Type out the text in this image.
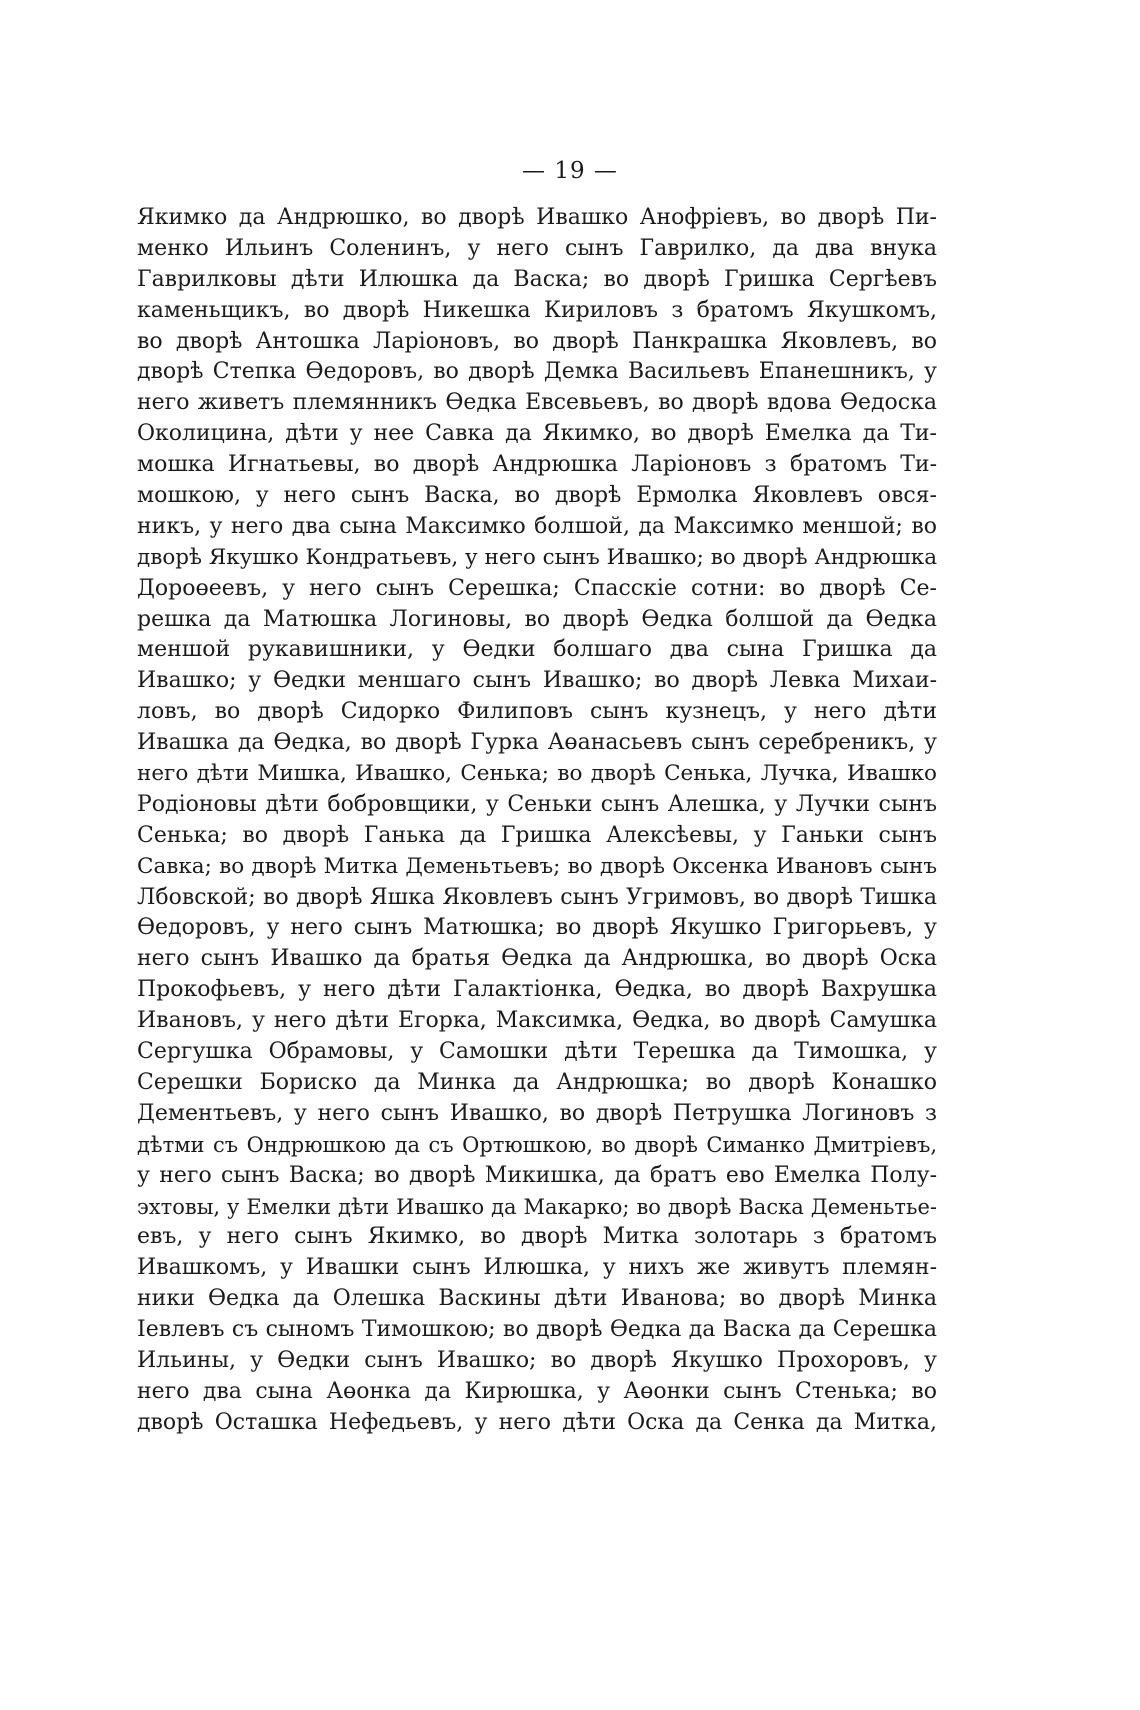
— 19 —
Якимко да Андрюшко, во дворѣ Ивашко Анофріевъ, во дворѣ Пи-
менко Ильинъ Соленинъ, у него сынъ Гаврилко, да два внука
Гаврилковы дѣти Илюшка да Васка; во дворѣ Гришка Сергѣевъ
каменьщикъ, во дворѣ Никешка Кириловъ з братомъ Якушкомъ,
во дворѣ Антошка Ларіоновъ, во дворѣ Панкрашка Яковлевъ, во
дворѣ Степка Өедоровъ, во дворѣ Демка Васильевъ Епанешникъ, у
него живетъ племянникъ Өедка Евсевьевъ, во дворѣ вдова Өедоска
Околицина, дѣти у нее Савка да Якимко, во дворѣ Емелка да Ти-
мошка Игнатьевы, во дворѣ Андрюшка Ларіоновъ з братомъ Ти-
мошкою, у него сынъ Васка, во дворѣ Ермолка Яковлевъ овся-
никъ, у него два сына Максимко болшой, да Максимко меншой; во
дворѣ Якушко Кондратьевъ, у него сынъ Ивашко; во дворѣ Андрюшка
Дороөеевъ, у него сынъ Серешка; Спасскіе сотни: во дворѣ Се-
решка да Матюшка Логиновы, во дворѣ Өедка болшой да Өедка
меншой рукавишники, у Өедки болшаго два сына Гришка да
Ивашко; у Өедки меншаго сынъ Ивашко; во дворѣ Левка Михаи-
ловъ, во дворѣ Сидорко Филиповъ сынъ кузнецъ, у него дѣти
Ивашка да Өедка, во дворѣ Гурка Аөанасьевъ сынъ серебреникъ, у
него дѣти Мишка, Ивашко, Сенька; во дворѣ Сенька, Лучка, Ивашко
Родіоновы дѣти бобровщики, у Сеньки сынъ Алешка, у Лучки сынъ
Сенька; во дворѣ Ганька да Гришка Алексѣевы, у Ганьки сынъ
Савка; во дворѣ Митка Деменьтьевъ; во дворѣ Оксенка Ивановъ сынъ
Лбовской; во дворѣ Яшка Яковлевъ сынъ Угримовъ, во дворѣ Тишка
Өедоровъ, у него сынъ Матюшка; во дворѣ Якушко Григорьевъ, у
него сынъ Ивашко да братья Өедка да Андрюшка, во дворѣ Оска
Прокофьевъ, у него дѣти Галактіонка, Өедка, во дворѣ Вахрушка
Ивановъ, у него дѣти Егорка, Максимка, Өедка, во дворѣ Самушка
Сергушка Обрамовы, у Самошки дѣти Терешка да Тимошка, у
Серешки Бориско да Минка да Андрюшка; во дворѣ Конашко
Дементьевъ, у него сынъ Ивашко, во дворѣ Петрушка Логиновъ з
дѣтми съ Ондрюшкою да съ Ортюшкою, во дворѣ Симанко Дмитріевъ,
у него сынъ Васка; во дворѣ Микишка, да братъ ево Емелка Полу-
эхтовы, у Емелки дѣти Ивашко да Макарко; во дворѣ Васка Деменьтье-
евъ, у него сынъ Якимко, во дворѣ Митка золотарь з братомъ
Ивашкомъ, у Ивашки сынъ Илюшка, у нихъ же живутъ племян-
ники Өедка да Олешка Васкины дѣти Иванова; во дворѣ Минка
Іевлевъ съ сыномъ Тимошкою; во дворѣ Өедка да Васка да Серешка
Ильины, у Өедки сынъ Ивашко; во дворѣ Якушко Прохоровъ, у
него два сына Аөонка да Кирюшка, у Аөонки сынъ Стенька; во
дворѣ Осташка Нефедьевъ, у него дѣти Оска да Сенка да Митка,
